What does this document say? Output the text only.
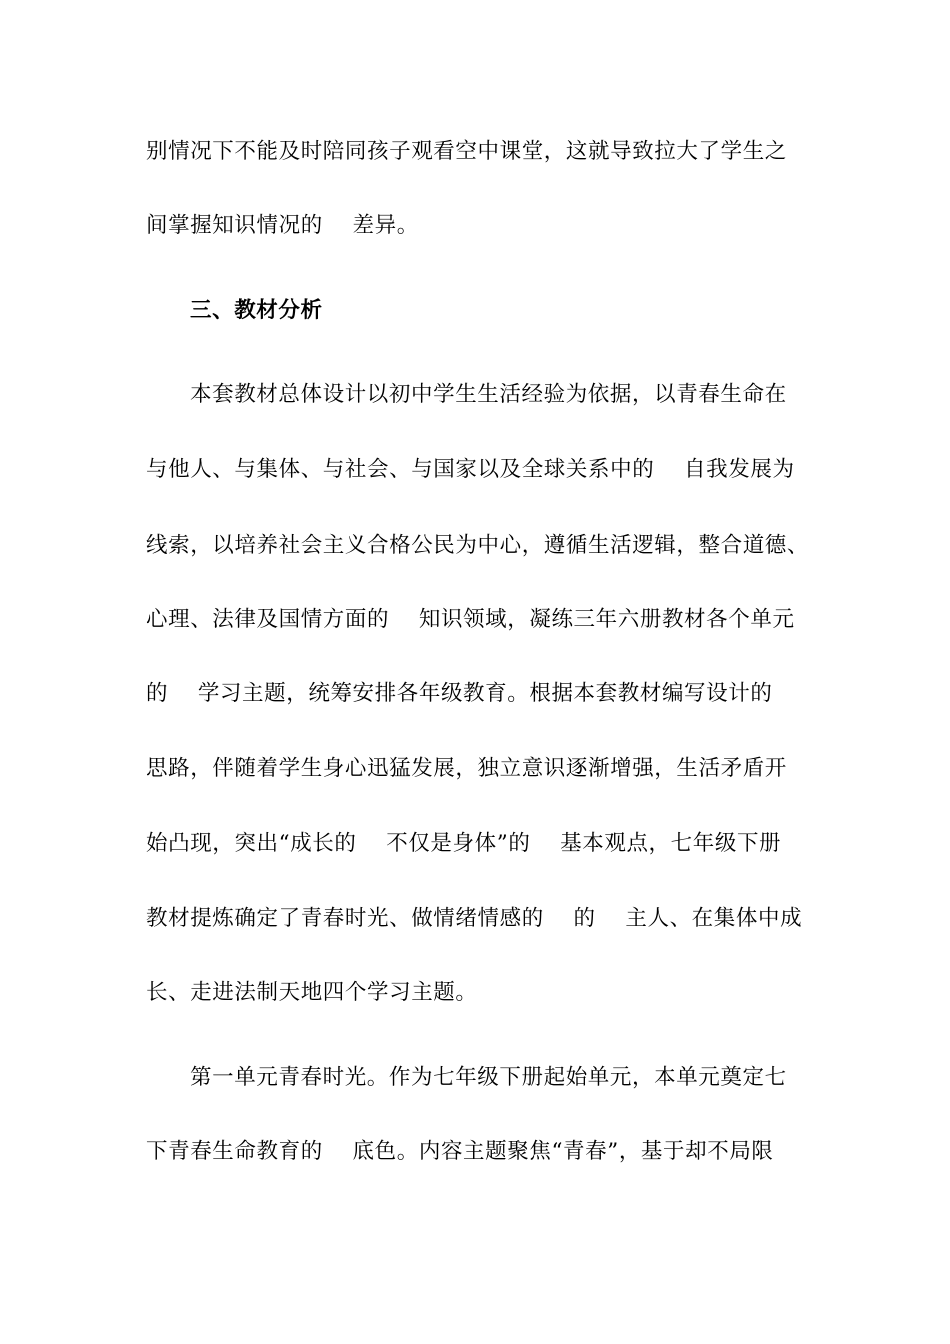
别情况下不能及时陪同孩子观看空中课堂，这就导致拉大了学生之
间掌握知识情况的    差异。
三、教材分析
本套教材总体设计以初中学生生活经验为依据，以青春生命在
与他人、与集体、与社会、与国家以及全球关系中的    自我发展为
线索，以培养社会主义合格公民为中心，遵循生活逻辑，整合道德、
心理、法律及国情方面的    知识领域，凝练三年六册教材各个单元
的    学习主题，统筹安排各年级教育。根据本套教材编写设计的
思路，伴随着学生身心迅猛发展，独立意识逐渐增强，生活矛盾开
始凸现，突出“成长的    不仅是身体”的    基本观点，七年级下册
教材提炼确定了青春时光、做情绪情感的    的    主人、在集体中成
长、走进法制天地四个学习主题。
第一单元青春时光。作为七年级下册起始单元，本单元奠定七
下青春生命教育的    底色。内容主题聚焦“青春”，基于却不局限
